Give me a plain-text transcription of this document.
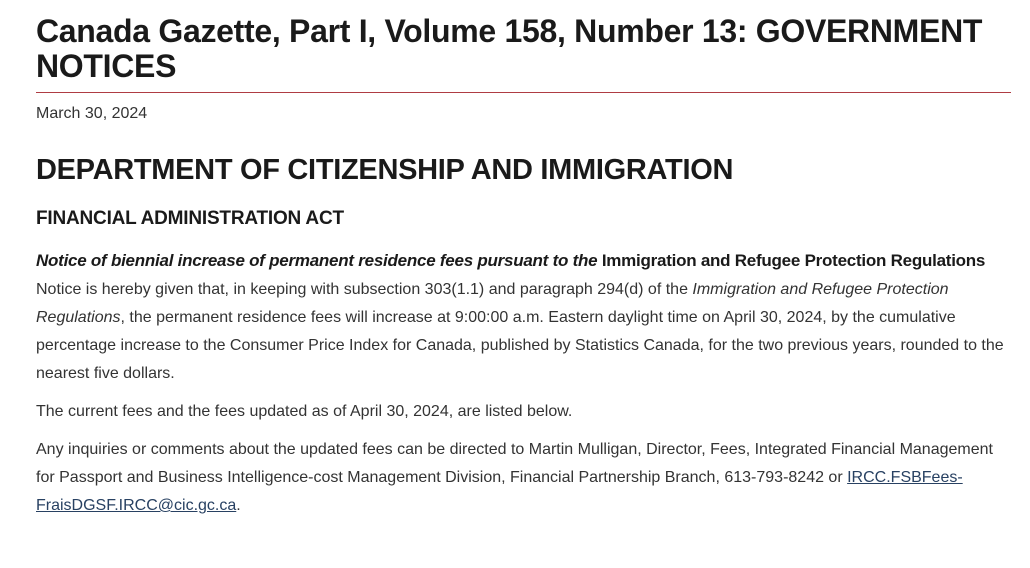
Canada Gazette, Part I, Volume 158, Number 13: GOVERNMENT NOTICES
March 30, 2024
DEPARTMENT OF CITIZENSHIP AND IMMIGRATION
FINANCIAL ADMINISTRATION ACT
Notice of biennial increase of permanent residence fees pursuant to the Immigration and Refugee Protection Regulations

Notice is hereby given that, in keeping with subsection 303(1.1) and paragraph 294(d) of the Immigration and Refugee Protection Regulations, the permanent residence fees will increase at 9:00:00 a.m. Eastern daylight time on April 30, 2024, by the cumulative percentage increase to the Consumer Price Index for Canada, published by Statistics Canada, for the two previous years, rounded to the nearest five dollars.

The current fees and the fees updated as of April 30, 2024, are listed below.

Any inquiries or comments about the updated fees can be directed to Martin Mulligan, Director, Fees, Integrated Financial Management for Passport and Business Intelligence-cost Management Division, Financial Partnership Branch, 613-793-8242 or IRCC.FSBFees-FraisDGSF.IRCC@cic.gc.ca.
